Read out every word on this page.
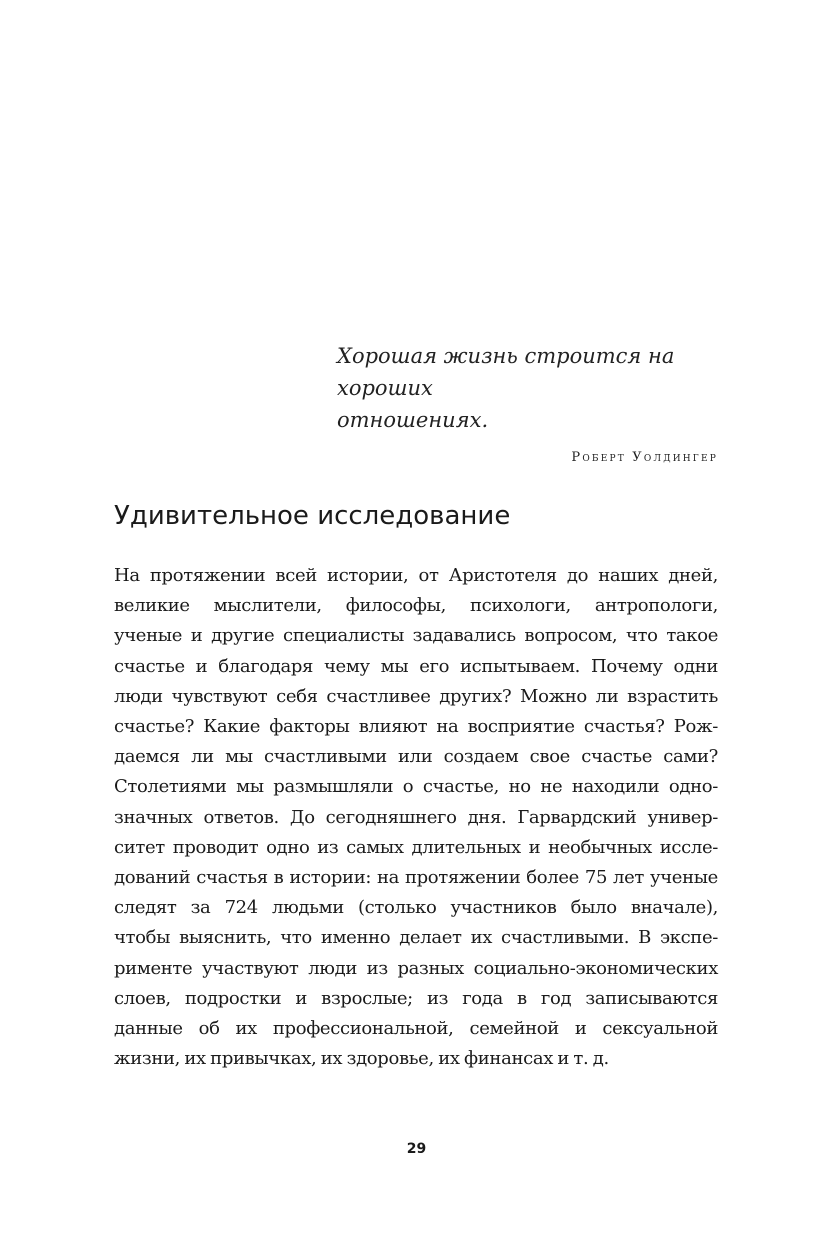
Хорошая жизнь строится на хороших
отношениях.

Роберт Уолдингер
Удивительное исследование
На протяжении всей истории, от Аристотеля до наших дней,
великие мыслители, философы, психологи, антропологи,
ученые и другие специалисты задавались вопросом, что такое
счастье и благодаря чему мы его испытываем. Почему одни
люди чувствуют себя счастливее других? Можно ли взрастить
счастье? Какие факторы влияют на восприятие счастья? Рож-
даемся ли мы счастливыми или создаем свое счастье сами?
Столетиями мы размышляли о счастье, но не находили одно-
значных ответов. До сегодняшнего дня. Гарвардский универ-
ситет проводит одно из самых длительных и необычных иссле-
дований счастья в истории: на протяжении более 75 лет ученые
следят за 724 людьми (столько участников было вначале),
чтобы выяснить, что именно делает их счастливыми. В экспе-
рименте участвуют люди из разных социально-экономических
слоев, подростки и взрослые; из года в год записываются
данные об их профессиональной, семейной и сексуальной
жизни, их привычках, их здоровье, их финансах и т. д.
29
